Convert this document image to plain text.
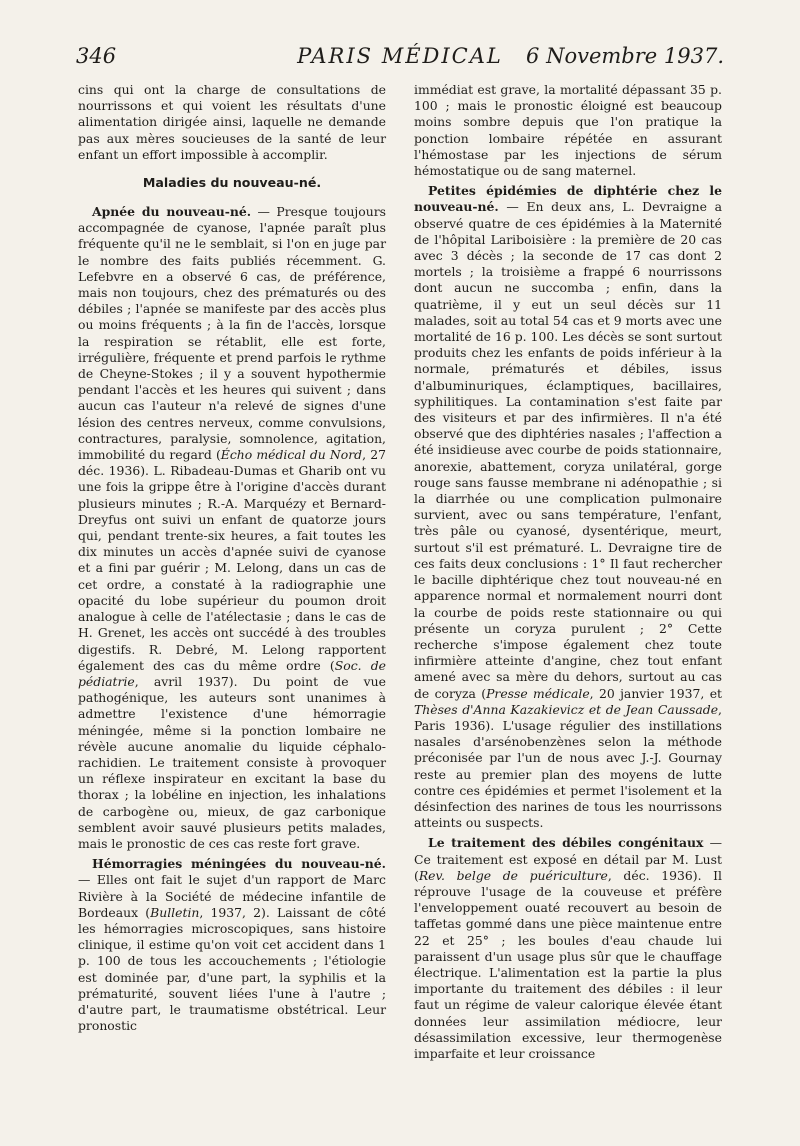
346	PARIS MÉDICAL	6 Novembre 1937.

cins qui ont la charge de consultations de nourrissons et qui voient les résultats d'une alimentation dirigée ainsi, laquelle ne demande pas aux mères soucieuses de la santé de leur enfant un effort impossible à accomplir.

Maladies du nouveau-né.

Apnée du nouveau-né. — Presque toujours accompagnée de cyanose, l'apnée paraît plus fréquente qu'il ne le semblait, si l'on en juge par le nombre des faits publiés récemment. G. Lefebvre en a observé 6 cas, de préférence, mais non toujours, chez des prématurés ou des débiles ; l'apnée se manifeste par des accès plus ou moins fréquents ; à la fin de l'accès, lorsque la respiration se rétablit, elle est forte, irrégulière, fréquente et prend parfois le rythme de Cheyne-Stokes ; il y a souvent hypothermie pendant l'accès et les heures qui suivent ; dans aucun cas l'auteur n'a relevé de signes d'une lésion des centres nerveux, comme convulsions, contractures, paralysie, somnolence, agitation, immobilité du regard (Écho médical du Nord, 27 déc. 1936). L. Ribadeau-Dumas et Gharib ont vu une fois la grippe être à l'origine d'accès durant plusieurs minutes ; R.-A. Marquézy et Bernard-Dreyfus ont suivi un enfant de quatorze jours qui, pendant trente-six heures, a fait toutes les dix minutes un accès d'apnée suivi de cyanose et a fini par guérir ; M. Lelong, dans un cas de cet ordre, a constaté à la radiographie une opacité du lobe supérieur du poumon droit analogue à celle de l'atélectasie ; dans le cas de H. Grenet, les accès ont succédé à des troubles digestifs. R. Debré, M. Lelong rapportent également des cas du même ordre (Soc. de pédiatrie, avril 1937). Du point de vue pathogénique, les auteurs sont unanimes à admettre l'existence d'une hémorragie méningée, même si la ponction lombaire ne révèle aucune anomalie du liquide céphalo-rachidien. Le traitement consiste à provoquer un réflexe inspirateur en excitant la base du thorax ; la lobéline en injection, les inhalations de carbogène ou, mieux, de gaz carbonique semblent avoir sauvé plusieurs petits malades, mais le pronostic de ces cas reste fort grave.

Hémorragies méningées du nouveau-né. — Elles ont fait le sujet d'un rapport de Marc Rivière à la Société de médecine infantile de Bordeaux (Bulletin, 1937, 2). Laissant de côté les hémorragies microscopiques, sans histoire clinique, il estime qu'on voit cet accident dans 1 p. 100 de tous les accouchements ; l'étiologie est dominée par, d'une part, la syphilis et la prématurité, souvent liées l'une à l'autre ; d'autre part, le traumatisme obstétrical. Leur pronostic

immédiat est grave, la mortalité dépassant 35 p. 100 ; mais le pronostic éloigné est beaucoup moins sombre depuis que l'on pratique la ponction lombaire répétée en assurant l'hémostase par les injections de sérum hémostatique ou de sang maternel.

Petites épidémies de diphtérie chez le nouveau-né. — En deux ans, L. Devraigne a observé quatre de ces épidémies à la Maternité de l'hôpital Lariboisière : la première de 20 cas avec 3 décès ; la seconde de 17 cas dont 2 mortels ; la troisième a frappé 6 nourrissons dont aucun ne succomba ; enfin, dans la quatrième, il y eut un seul décès sur 11 malades, soit au total 54 cas et 9 morts avec une mortalité de 16 p. 100. Les décès se sont surtout produits chez les enfants de poids inférieur à la normale, prématurés et débiles, issus d'albuminuriques, éclamptiques, bacillaires, syphilitiques. La contamination s'est faite par des visiteurs et par des infirmières. Il n'a été observé que des diphtéries nasales ; l'affection a été insidieuse avec courbe de poids stationnaire, anorexie, abattement, coryza unilatéral, gorge rouge sans fausse membrane ni adénopathie ; si la diarrhée ou une complication pulmonaire survient, avec ou sans température, l'enfant, très pâle ou cyanosé, dysentérique, meurt, surtout s'il est prématuré. L. Devraigne tire de ces faits deux conclusions : 1° Il faut rechercher le bacille diphtérique chez tout nouveau-né en apparence normal et normalement nourri dont la courbe de poids reste stationnaire ou qui présente un coryza purulent ; 2° Cette recherche s'impose également chez toute infirmière atteinte d'angine, chez tout enfant amené avec sa mère du dehors, surtout au cas de coryza (Presse médicale, 20 janvier 1937, et Thèses d'Anna Kazakievicz et de Jean Caussade, Paris 1936). L'usage régulier des instillations nasales d'arsénobenzènes selon la méthode préconisée par l'un de nous avec J.-J. Gournay reste au premier plan des moyens de lutte contre ces épidémies et permet l'isolement et la désinfection des narines de tous les nourrissons atteints ou suspects.

Le traitement des débiles congénitaux — Ce traitement est exposé en détail par M. Lust (Rev. belge de puériculture, déc. 1936). Il réprouve l'usage de la couveuse et préfère l'enveloppement ouaté recouvert au besoin de taffetas gommé dans une pièce maintenue entre 22 et 25° ; les boules d'eau chaude lui paraissent d'un usage plus sûr que le chauffage électrique. L'alimentation est la partie la plus importante du traitement des débiles : il leur faut un régime de valeur calorique élevée étant données leur assimilation médiocre, leur désassimilation excessive, leur thermogenèse imparfaite et leur croissance
